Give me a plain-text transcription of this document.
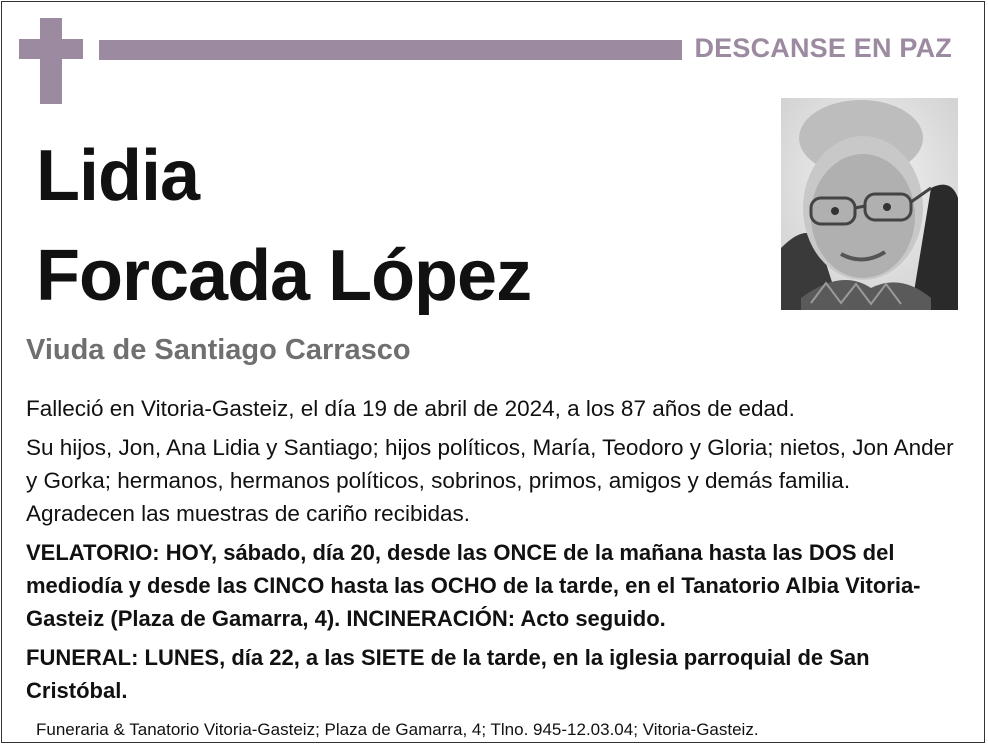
DESCANSE EN PAZ
Lidia
Forcada López
Viuda de Santiago Carrasco

Falleció en Vitoria-Gasteiz, el día 19 de abril de 2024, a los 87 años de edad.

Su hijos, Jon, Ana Lidia y Santiago; hijos políticos, María, Teodoro y Gloria; nietos, Jon Ander y Gorka; hermanos, hermanos políticos, sobrinos, primos, amigos y demás familia. Agradecen las muestras de cariño recibidas.

VELATORIO: HOY, sábado, día 20, desde las ONCE de la mañana hasta las DOS del mediodía y desde las CINCO hasta las OCHO de la tarde, en el Tanatorio Albia Vitoria-Gasteiz (Plaza de Gamarra, 4). INCINERACIÓN: Acto seguido.

FUNERAL: LUNES, día 22, a las SIETE de la tarde, en la iglesia parroquial de San Cristóbal.

Funeraria & Tanatorio Vitoria-Gasteiz; Plaza de Gamarra, 4; Tlno. 945-12.03.04; Vitoria-Gasteiz.
